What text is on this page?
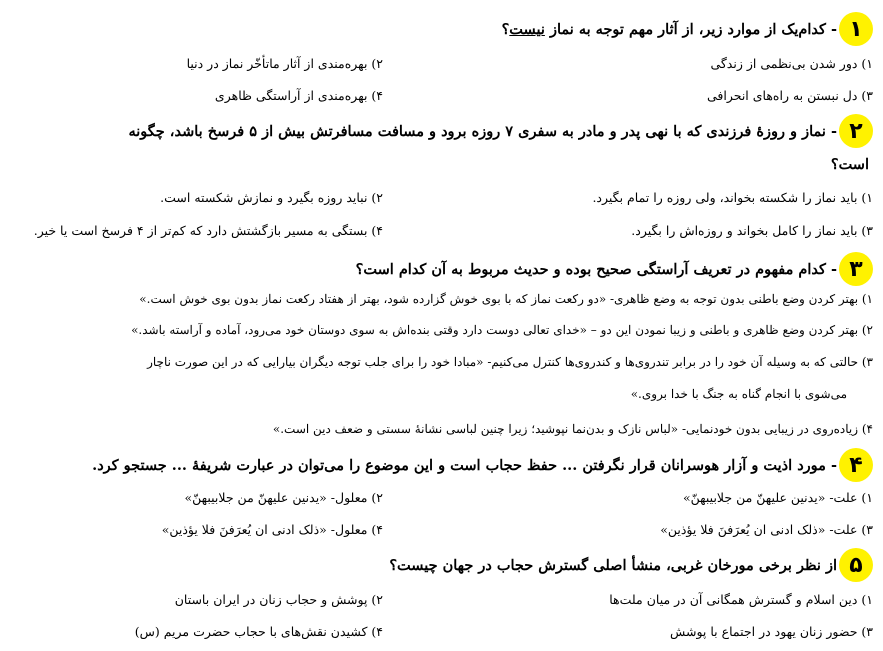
۱
- کدام‌یک از موارد زیر، از آثار مهم توجه به نماز نیست؟
۱) دور شدن بی‌نظمی از زندگی
۲) بهره‌مندی از آثار ماتأخّر نماز در دنیا
۳) دل نبستن به راه‌های انحرافی
۴) بهره‌مندی از آراستگی ظاهری
۲
- نماز و روزهٔ فرزندی که با نهی پدر و مادر به سفری ۷ روزه برود و مسافت مسافرتش بیش از ۵ فرسخ باشد، چگونه
است؟
۱) باید نماز را شکسته بخواند، ولی روزه را تمام بگیرد.
۲) نباید روزه بگیرد و نمازش شکسته است.
۳) باید نماز را کامل بخواند و روزه‌اش را بگیرد.
۴) بستگی به مسیر بازگشتش دارد که کم‌تر از ۴ فرسخ است یا خیر.
۳
- کدام مفهوم در تعریف آراستگی صحیح بوده و حدیث مربوط به آن کدام است؟
۱) بهتر کردن وضع باطنی بدون توجه به وضع ظاهری- «دو رکعت نماز که با بوی خوش گزارده شود، بهتر از هفتاد رکعت نماز بدون بوی خوش است.»
۲) بهتر کردن وضع ظاهری و باطنی و زیبا نمودن این دو – «خدای تعالی دوست دارد وقتی بنده‌اش به سوی دوستان خود می‌رود، آماده و آراسته باشد.»
۳) حالتی که به وسیله آن خود را در برابر تندروی‌ها و کندروی‌ها کنترل می‌کنیم- «مبادا خود را برای جلب توجه دیگران بیارایی که در این صورت ناچار
می‌شوی با انجام گناه به جنگ با خدا بروی.»
۴) زیاده‌روی در زیبایی بدون خودنمایی- «لباس نازک و بدن‌نما نپوشید؛ زیرا چنین لباسی نشانهٔ سستی و ضعف دین است.»
۴
- مورد اذیت و آزار هوسرانان قرار نگرفتن ... حفظ حجاب است و این موضوع را می‌توان در عبارت شریفهٔ ... جستجو کرد.
۱) علت- «یدنین علیهنّ من جلابیبهنّ»
۲) معلول- «یدنین علیهنّ من جلابیبهنّ»
۳) علت- «ذلک ادنی ان یُعرَفنَ فلا یؤذین»
۴) معلول- «ذلک ادنی ان یُعرَفنَ فلا یؤذین»
۵
از نظر برخی مورخان غربی، منشأ اصلی گسترش حجاب در جهان چیست؟
۱) دین اسلام و گسترش همگانی آن در میان ملت‌ها
۲) پوشش و حجاب زنان در ایران باستان
۳) حضور زنان یهود در اجتماع با پوشش
۴) کشیدن نقش‌های با حجاب حضرت مریم (س)
